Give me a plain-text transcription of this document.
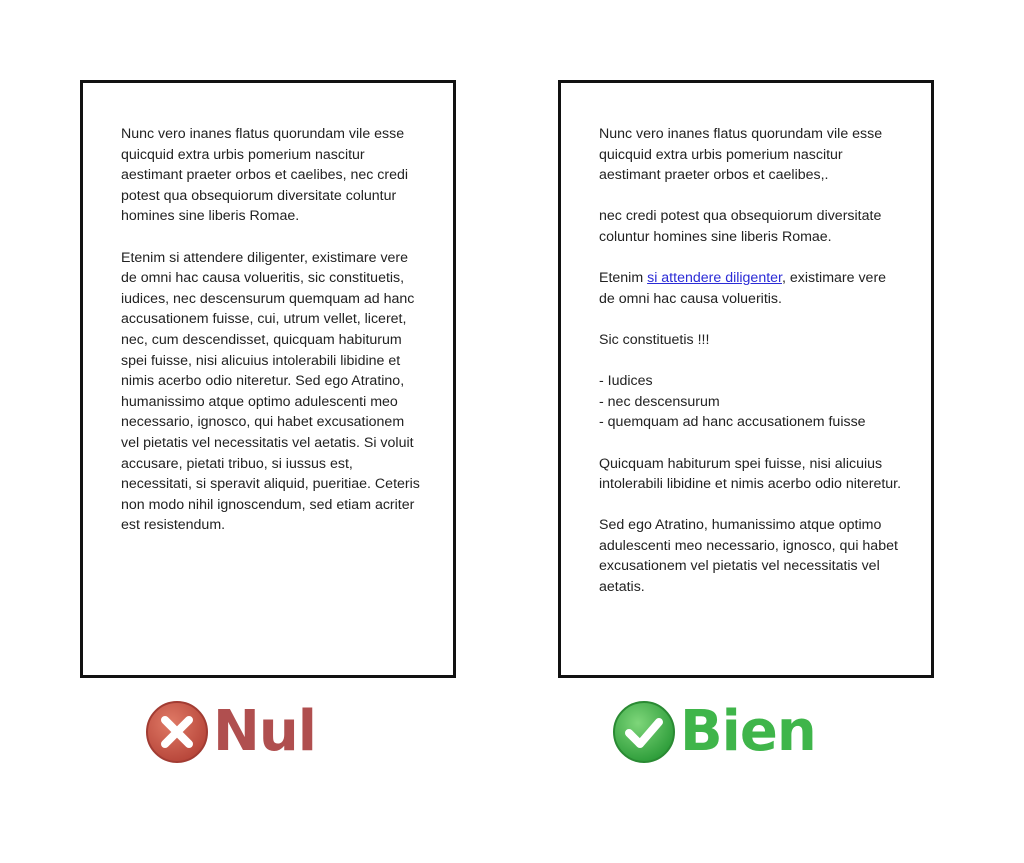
Nunc vero inanes flatus quorundam vile esse quicquid extra urbis pomerium nascitur aestimant praeter orbos et caelibes, nec credi potest qua obsequiorum diversitate coluntur homines sine liberis Romae.

Etenim si attendere diligenter, existimare vere de omni hac causa volueritis, sic constituetis, iudices, nec descensurum quemquam ad hanc accusationem fuisse, cui, utrum vellet, liceret, nec, cum descendisset, quicquam habiturum spei fuisse, nisi alicuius intolerabili libidine et nimis acerbo odio niteretur. Sed ego Atratino, humanissimo atque optimo adulescenti meo necessario, ignosco, qui habet excusationem vel pietatis vel necessitatis vel aetatis. Si voluit accusare, pietati tribuo, si iussus est, necessitati, si speravit aliquid, pueritiae. Ceteris non modo nihil ignoscendum, sed etiam acriter est resistendum.

Nunc vero inanes flatus quorundam vile esse quicquid extra urbis pomerium nascitur aestimant praeter orbos et caelibes,.

nec credi potest qua obsequiorum diversitate coluntur homines sine liberis Romae.

Etenim si attendere diligenter, existimare vere de omni hac causa volueritis.

Sic constituetis !!!

- Iudices
- nec descensurum
- quemquam ad hanc accusationem fuisse

Quicquam habiturum spei fuisse, nisi alicuius intolerabili libidine et nimis acerbo odio niteretur.

Sed ego Atratino, humanissimo atque optimo adulescenti meo necessario, ignosco, qui habet excusationem vel pietatis vel necessitatis vel aetatis.

Nul	Bien
